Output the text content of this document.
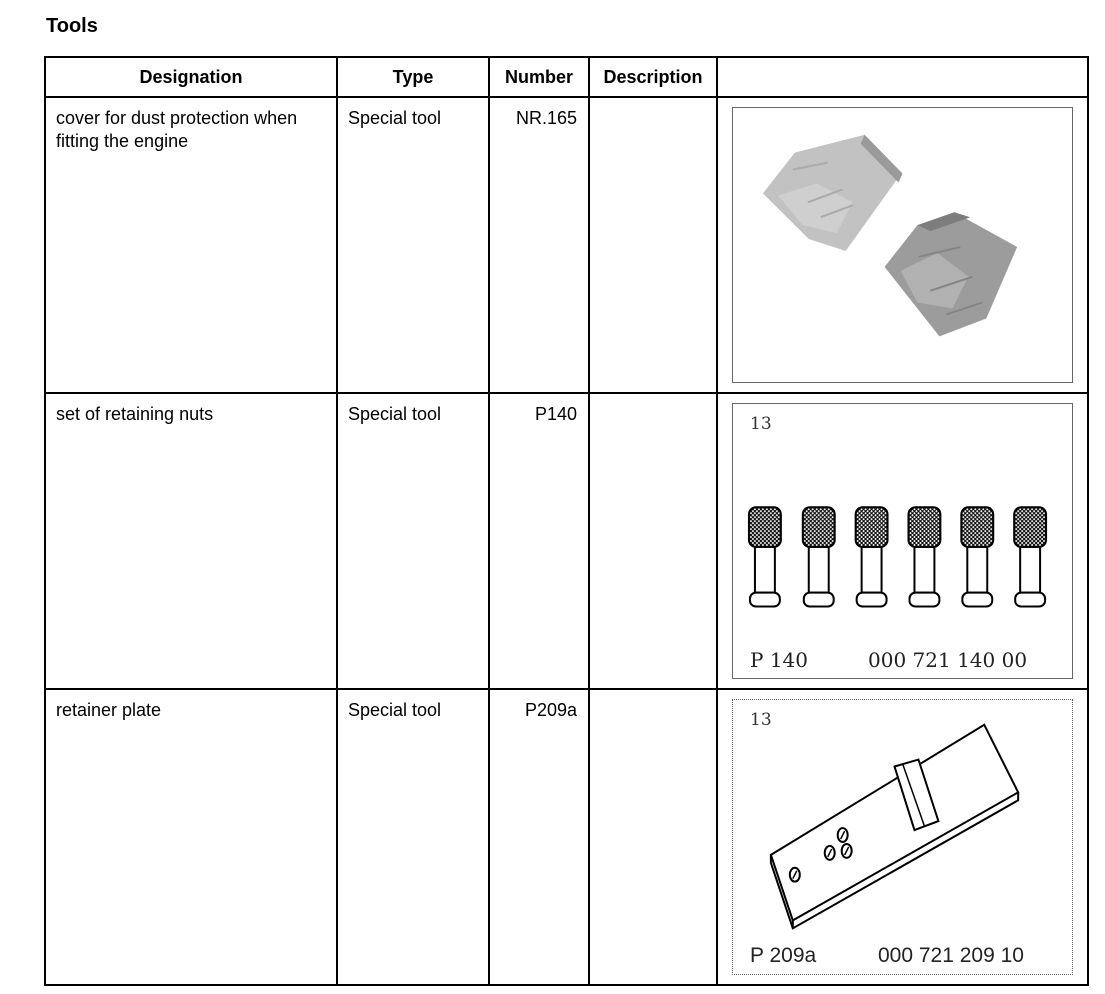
Tools
Designation	Type	Number	Description	

cover for dust protection when fitting the engine	Special tool	NR.165

set of retaining nuts	Special tool	P140		13
P 140 000 721 140 00

retainer plate	Special tool	P209a		13
P 209a 000 721 209 10
